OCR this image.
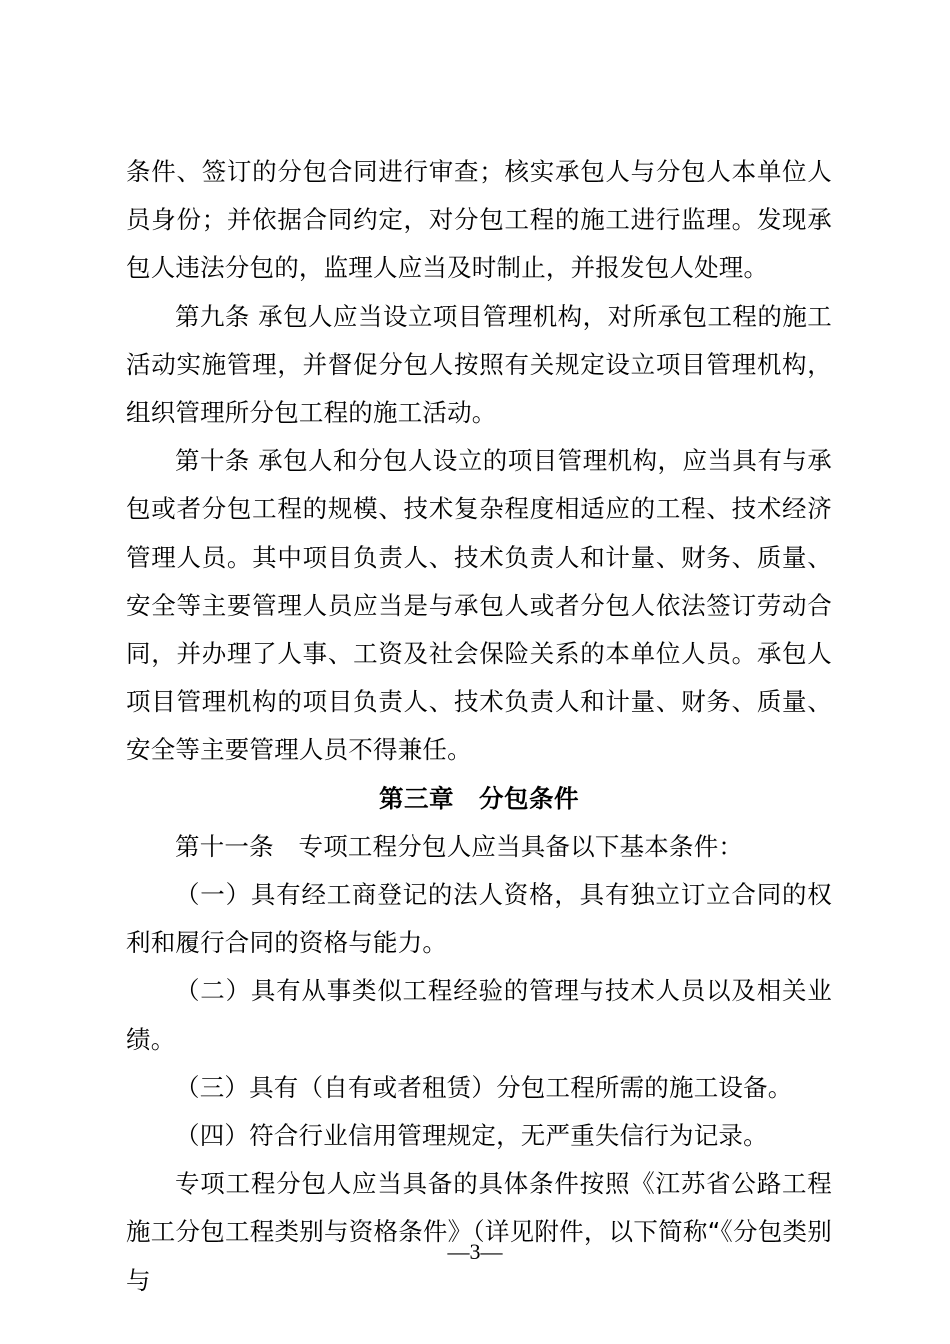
条件、签订的分包合同进行审查；核实承包人与分包人本单位人员身份；并依据合同约定，对分包工程的施工进行监理。发现承包人违法分包的，监理人应当及时制止，并报发包人处理。

第九条 承包人应当设立项目管理机构，对所承包工程的施工活动实施管理，并督促分包人按照有关规定设立项目管理机构，组织管理所分包工程的施工活动。

第十条 承包人和分包人设立的项目管理机构，应当具有与承包或者分包工程的规模、技术复杂程度相适应的工程、技术经济管理人员。其中项目负责人、技术负责人和计量、财务、质量、安全等主要管理人员应当是与承包人或者分包人依法签订劳动合同，并办理了人事、工资及社会保险关系的本单位人员。承包人项目管理机构的项目负责人、技术负责人和计量、财务、质量、安全等主要管理人员不得兼任。

第三章　分包条件

第十一条　专项工程分包人应当具备以下基本条件：

（一）具有经工商登记的法人资格，具有独立订立合同的权利和履行合同的资格与能力。

（二）具有从事类似工程经验的管理与技术人员以及相关业绩。

（三）具有（自有或者租赁）分包工程所需的施工设备。

（四）符合行业信用管理规定，无严重失信行为记录。

专项工程分包人应当具备的具体条件按照《江苏省公路工程施工分包工程类别与资格条件》（详见附件，以下简称“《分包类别与

—3—
